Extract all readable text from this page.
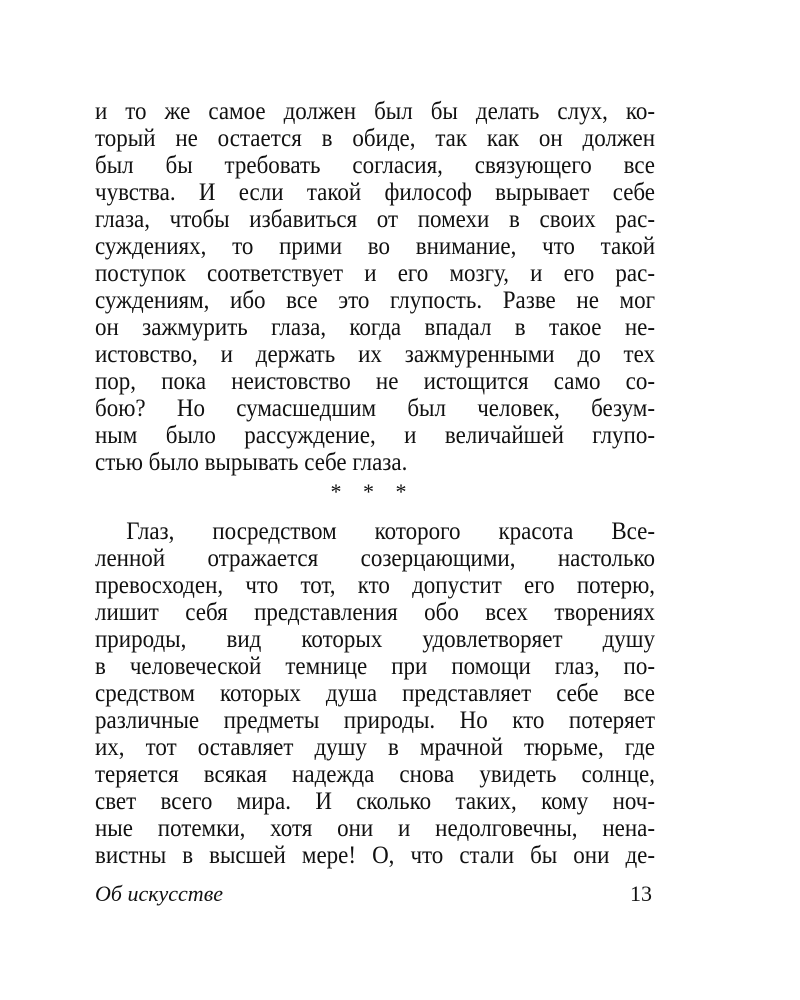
и то же самое должен был бы делать слух, ко-
торый не остается в обиде, так как он должен
был бы требовать согласия, связующего все
чувства. И если такой философ вырывает себе
глаза, чтобы избавиться от помехи в своих рас-
суждениях, то прими во внимание, что такой
поступок соответствует и его мозгу, и его рас-
суждениям, ибо все это глупость. Разве не мог
он зажмурить глаза, когда впадал в такое не-
истовство, и держать их зажмуренными до тех
пор, пока неистовство не истощится само со-
бою? Но сумасшедшим был человек, безум-
ным было рассуждение, и величайшей глупо-
стью было вырывать себе глаза.
* * *
Глаз, посредством которого красота Все-
ленной отражается созерцающими, настолько
превосходен, что тот, кто допустит его потерю,
лишит себя представления обо всех творениях
природы, вид которых удовлетворяет душу
в человеческой темнице при помощи глаз, по-
средством которых душа представляет себе все
различные предметы природы. Но кто потеряет
их, тот оставляет душу в мрачной тюрьме, где
теряется всякая надежда снова увидеть солнце,
свет всего мира. И сколько таких, кому ноч-
ные потемки, хотя они и недолговечны, нена-
вистны в высшей мере! О, что стали бы они де-
Об искусстве	13
